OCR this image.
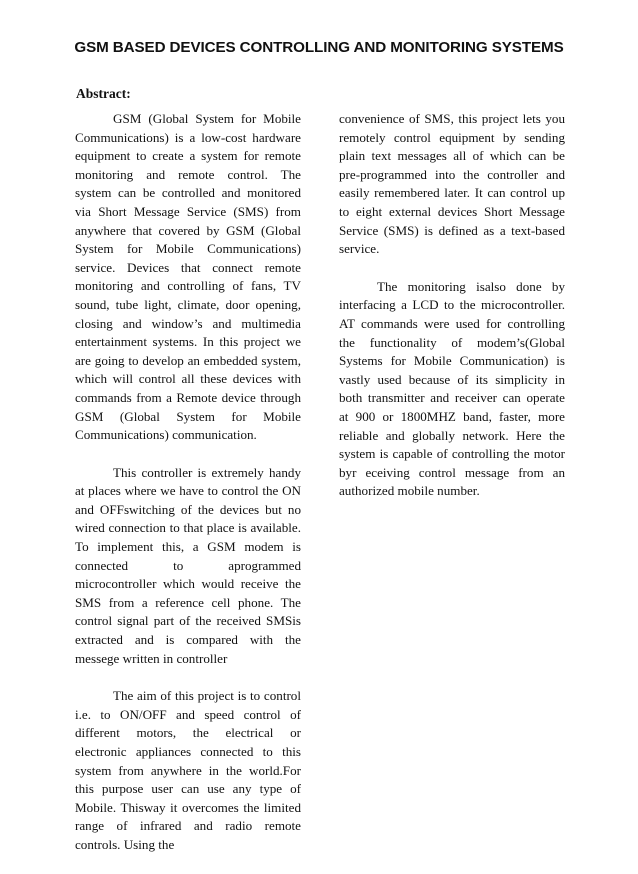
GSM BASED DEVICES CONTROLLING AND MONITORING SYSTEMS
Abstract:

GSM (Global System for Mobile Communications) is a low-cost hardware equipment to create a system for remote monitoring and remote control. The system can be controlled and monitored via Short Message Service (SMS) from anywhere that covered by GSM (Global System for Mobile Communications) service. Devices that connect remote monitoring and controlling of fans, TV sound, tube light, climate, door opening, closing and window’s and multimedia entertainment systems. In this project we are going to develop an embedded system, which will control all these devices with commands from a Remote device through GSM (Global System for Mobile Communications) communication.

This controller is extremely handy at places where we have to control the ON and OFFswitching of the devices but no wired connection to that place is available. To implement this, a GSM modem is connected to aprogrammed microcontroller which would receive the SMS from a reference cell phone. The control signal part of the received SMSis extracted and is compared with the messege written in controller

The aim of this project is to control i.e. to ON/OFF and speed control of different motors, the electrical or electronic appliances connected to this system from anywhere in the world.For this purpose user can use any type of Mobile. Thisway it overcomes the limited range of infrared and radio remote controls. Using the

convenience of SMS, this project lets you remotely control equipment by sending plain text messages all of which can be pre-programmed into the controller and easily remembered later. It can control up to eight external devices Short Message Service (SMS) is defined as a text-based service.

The monitoring isalso done by interfacing a LCD to the microcontroller. AT commands were used for controlling the functionality of modem’s(Global Systems for Mobile Communication) is vastly used because of its simplicity in both transmitter and receiver can operate at 900 or 1800MHZ band, faster, more reliable and globally network. Here the system is capable of controlling the motor byr eceiving control message from an authorized mobile number.
